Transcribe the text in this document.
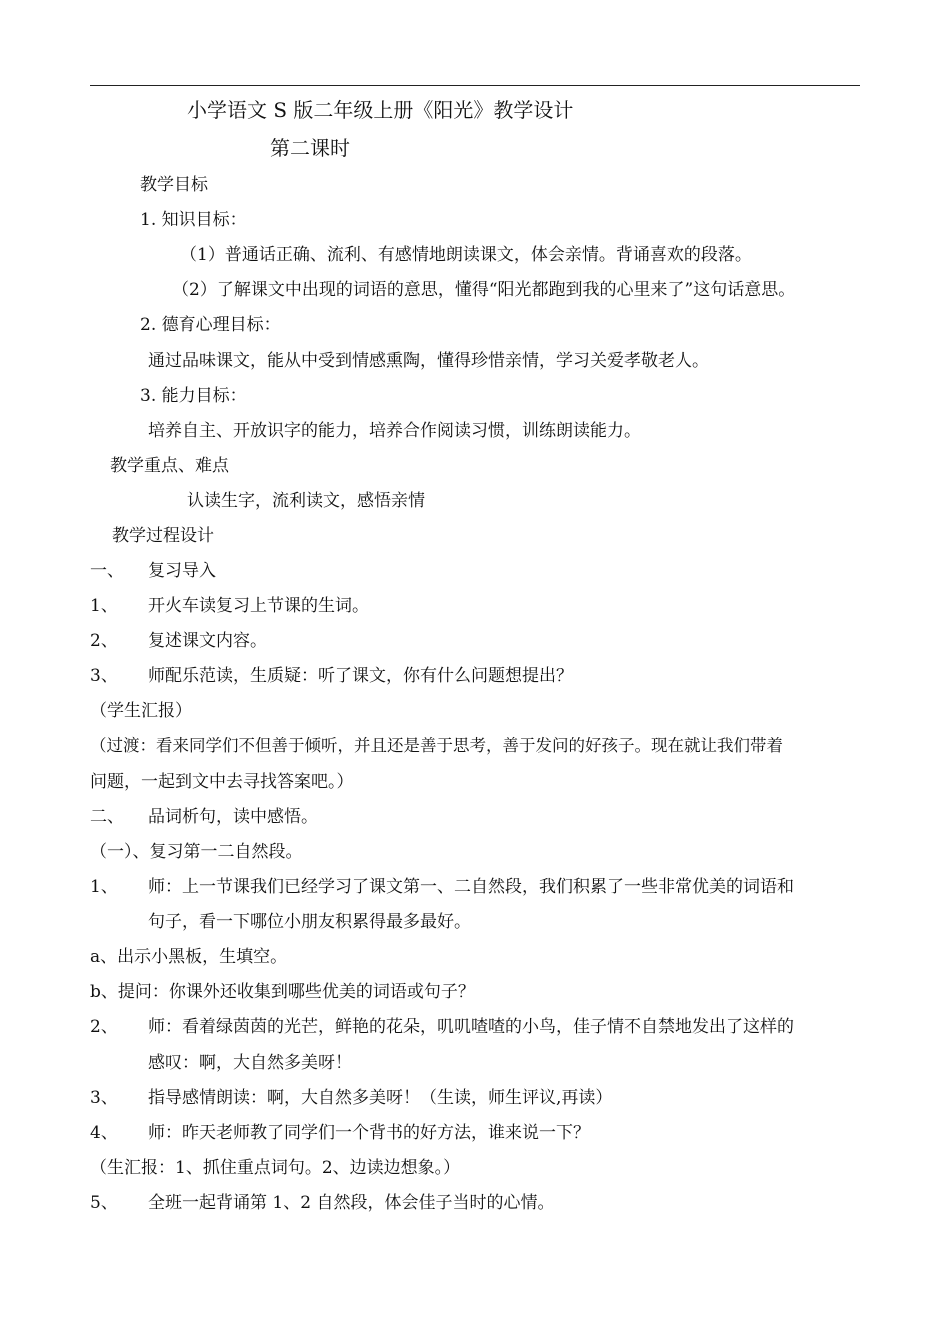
小学语文 S 版二年级上册《阳光》教学设计
第二课时
教学目标
1. 知识目标：
（1）普通话正确、流利、有感情地朗读课文，体会亲情。背诵喜欢的段落。
（2）了解课文中出现的词语的意思，懂得“阳光都跑到我的心里来了”这句话意思。
2. 德育心理目标：
通过品味课文，能从中受到情感熏陶，懂得珍惜亲情，学习关爱孝敬老人。
3. 能力目标：
培养自主、开放识字的能力，培养合作阅读习惯，训练朗读能力。
教学重点、难点
认读生字，流利读文，感悟亲情
教学过程设计
一、 复习导入
1、 开火车读复习上节课的生词。
2、 复述课文内容。
3、 师配乐范读，生质疑：听了课文，你有什么问题想提出？
（学生汇报）
（过渡：看来同学们不但善于倾听，并且还是善于思考，善于发问的好孩子。现在就让我们带着
问题，一起到文中去寻找答案吧。）
二、 品词析句，读中感悟。
（一）、复习第一二自然段。
1、 师：上一节课我们已经学习了课文第一、二自然段，我们积累了一些非常优美的词语和
句子，看一下哪位小朋友积累得最多最好。
a、出示小黑板，生填空。
b、提问：你课外还收集到哪些优美的词语或句子？
2、 师：看着绿茵茵的光芒，鲜艳的花朵，叽叽喳喳的小鸟，佳子情不自禁地发出了这样的
感叹：啊，大自然多美呀！
3、 指导感情朗读：啊，大自然多美呀！（生读，师生评议,再读）
4、 师：昨天老师教了同学们一个背书的好方法，谁来说一下？
（生汇报：1、抓住重点词句。2、边读边想象。）
5、 全班一起背诵第 1、2 自然段，体会佳子当时的心情。
